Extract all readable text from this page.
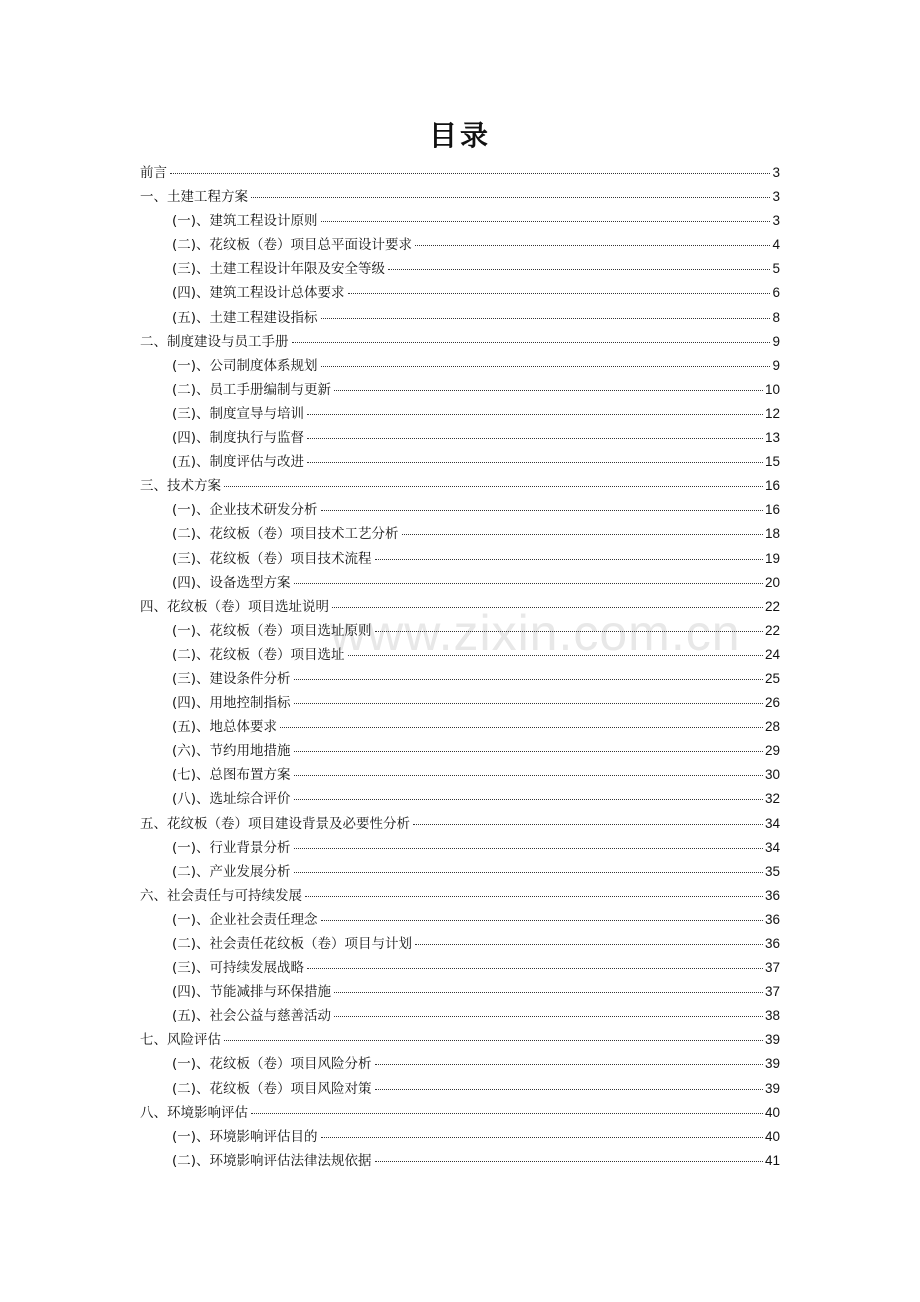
www.zixin.com.cn
目录
前言	3
一、土建工程方案	3
(一)、建筑工程设计原则	3
(二)、花纹板（卷）项目总平面设计要求	4
(三)、土建工程设计年限及安全等级	5
(四)、建筑工程设计总体要求	6
(五)、土建工程建设指标	8
二、制度建设与员工手册	9
(一)、公司制度体系规划	9
(二)、员工手册编制与更新	10
(三)、制度宣导与培训	12
(四)、制度执行与监督	13
(五)、制度评估与改进	15
三、技术方案	16
(一)、企业技术研发分析	16
(二)、花纹板（卷）项目技术工艺分析	18
(三)、花纹板（卷）项目技术流程	19
(四)、设备选型方案	20
四、花纹板（卷）项目选址说明	22
(一)、花纹板（卷）项目选址原则	22
(二)、花纹板（卷）项目选址	24
(三)、建设条件分析	25
(四)、用地控制指标	26
(五)、地总体要求	28
(六)、节约用地措施	29
(七)、总图布置方案	30
(八)、选址综合评价	32
五、花纹板（卷）项目建设背景及必要性分析	34
(一)、行业背景分析	34
(二)、产业发展分析	35
六、社会责任与可持续发展	36
(一)、企业社会责任理念	36
(二)、社会责任花纹板（卷）项目与计划	36
(三)、可持续发展战略	37
(四)、节能减排与环保措施	37
(五)、社会公益与慈善活动	38
七、风险评估	39
(一)、花纹板（卷）项目风险分析	39
(二)、花纹板（卷）项目风险对策	39
八、环境影响评估	40
(一)、环境影响评估目的	40
(二)、环境影响评估法律法规依据	41
